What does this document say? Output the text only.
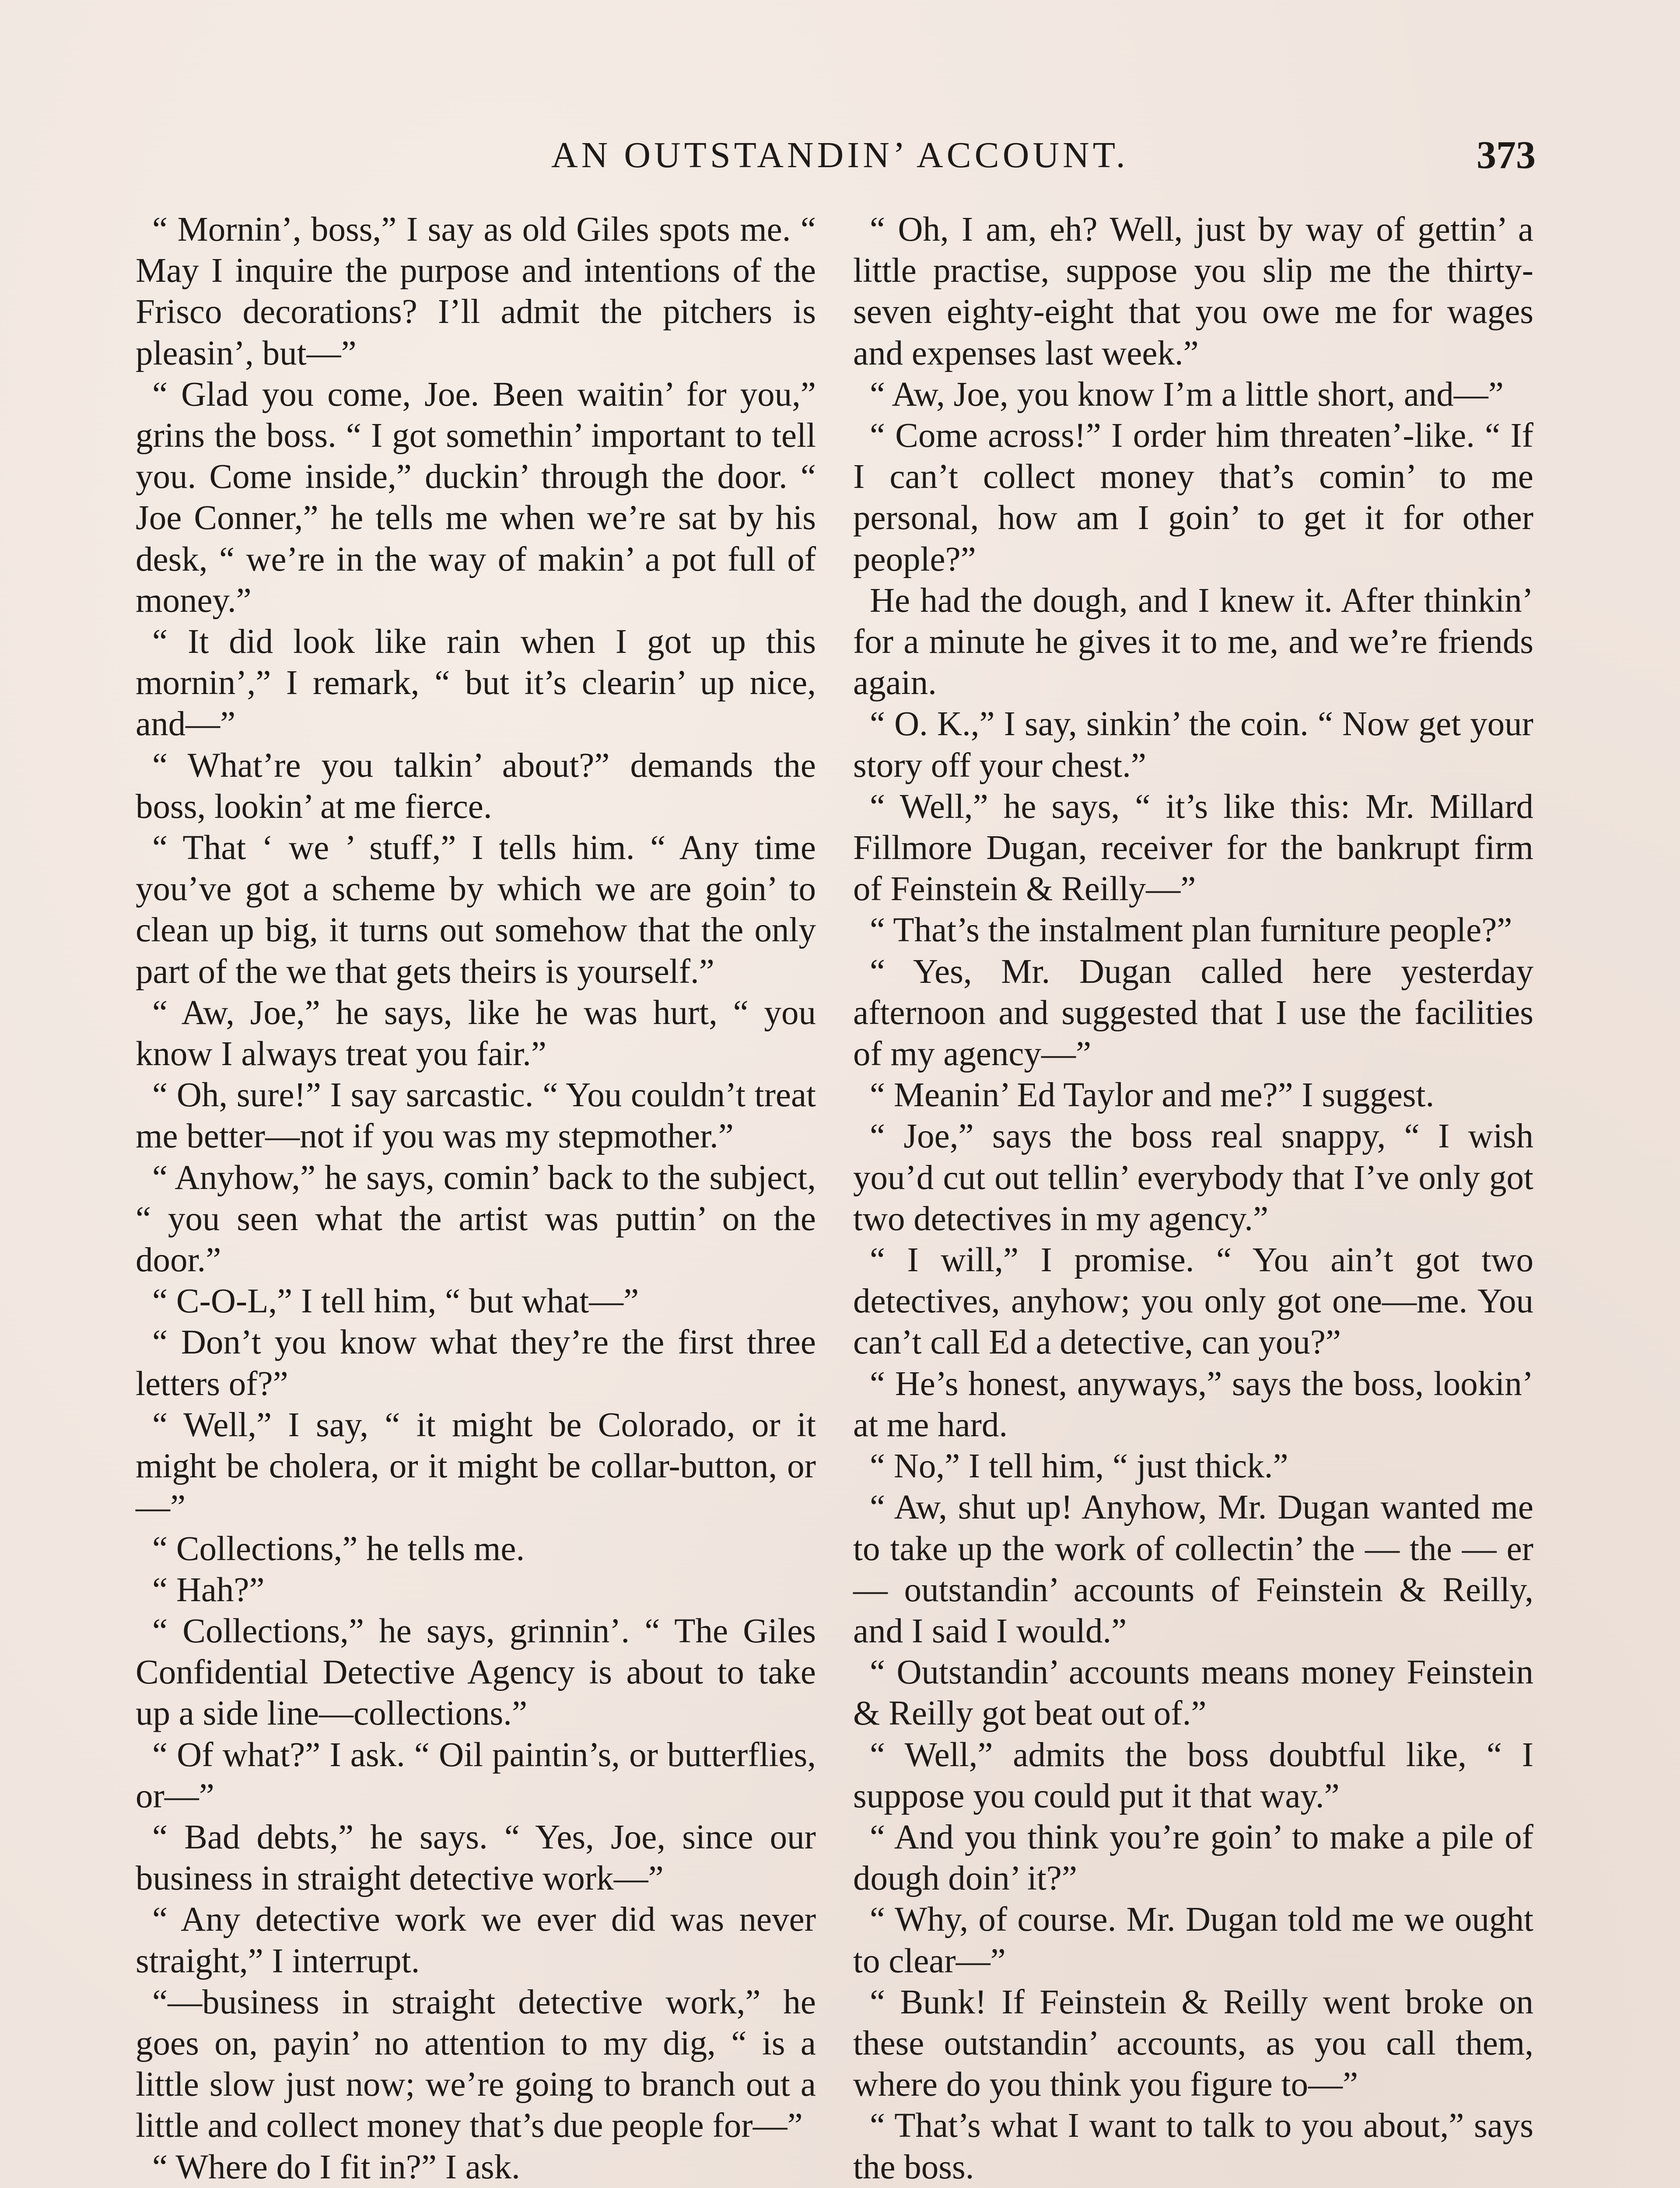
AN OUTSTANDIN’ ACCOUNT.	373

“ Mornin’, boss,” I say as old Giles spots me. “ May I inquire the purpose and intentions of the Frisco decorations? I’ll admit the pitchers is pleasin’, but—”

“ Glad you come, Joe. Been waitin’ for you,” grins the boss. “ I got somethin’ important to tell you. Come inside,” duckin’ through the door. “ Joe Conner,” he tells me when we’re sat by his desk, “ we’re in the way of makin’ a pot full of money.”

“ It did look like rain when I got up this mornin’,” I remark, “ but it’s clearin’ up nice, and—”

“ What’re you talkin’ about?” demands the boss, lookin’ at me fierce.

“ That ‘ we ’ stuff,” I tells him. “ Any time you’ve got a scheme by which we are goin’ to clean up big, it turns out somehow that the only part of the we that gets theirs is yourself.”

“ Aw, Joe,” he says, like he was hurt, “ you know I always treat you fair.”

“ Oh, sure!” I say sarcastic. “ You couldn’t treat me better—not if you was my stepmother.”

“ Anyhow,” he says, comin’ back to the subject, “ you seen what the artist was puttin’ on the door.”

“ C-O-L,” I tell him, “ but what—”

“ Don’t you know what they’re the first three letters of?”

“ Well,” I say, “ it might be Colorado, or it might be cholera, or it might be collar-button, or—”

“ Collections,” he tells me.

“ Hah?”

“ Collections,” he says, grinnin’. “ The Giles Confidential Detective Agency is about to take up a side line—collections.”

“ Of what?” I ask. “ Oil paintin’s, or butterflies, or—”

“ Bad debts,” he says. “ Yes, Joe, since our business in straight detective work—”

“ Any detective work we ever did was never straight,” I interrupt.

“—business in straight detective work,” he goes on, payin’ no attention to my dig, “ is a little slow just now; we’re going to branch out a little and collect money that’s due people for—”

“ Where do I fit in?” I ask.

“ Oh, I am, eh? Well, just by way of gettin’ a little practise, suppose you slip me the thirty-seven eighty-eight that you owe me for wages and expenses last week.”

“ Aw, Joe, you know I’m a little short, and—”

“ Come across!” I order him threaten’-like. “ If I can’t collect money that’s comin’ to me personal, how am I goin’ to get it for other people?”

He had the dough, and I knew it. After thinkin’ for a minute he gives it to me, and we’re friends again.

“ O. K.,” I say, sinkin’ the coin. “ Now get your story off your chest.”

“ Well,” he says, “ it’s like this: Mr. Millard Fillmore Dugan, receiver for the bankrupt firm of Feinstein & Reilly—”

“ That’s the instalment plan furniture people?”

“ Yes, Mr. Dugan called here yesterday afternoon and suggested that I use the facilities of my agency—”

“ Meanin’ Ed Taylor and me?” I suggest.

“ Joe,” says the boss real snappy, “ I wish you’d cut out tellin’ everybody that I’ve only got two detectives in my agency.”

“ I will,” I promise. “ You ain’t got two detectives, anyhow; you only got one—me. You can’t call Ed a detective, can you?”

“ He’s honest, anyways,” says the boss, lookin’ at me hard.

“ No,” I tell him, “ just thick.”

“ Aw, shut up! Anyhow, Mr. Dugan wanted me to take up the work of collectin’ the — the — er — outstandin’ accounts of Feinstein & Reilly, and I said I would.”

“ Outstandin’ accounts means money Feinstein & Reilly got beat out of.”

“ Well,” admits the boss doubtful like, “ I suppose you could put it that way.”

“ And you think you’re goin’ to make a pile of dough doin’ it?”

“ Why, of course. Mr. Dugan told me we ought to clear—”

“ Bunk! If Feinstein & Reilly went broke on these outstandin’ accounts, as you call them, where do you think you figure to—”

“ That’s what I want to talk to you about,” says the boss.
